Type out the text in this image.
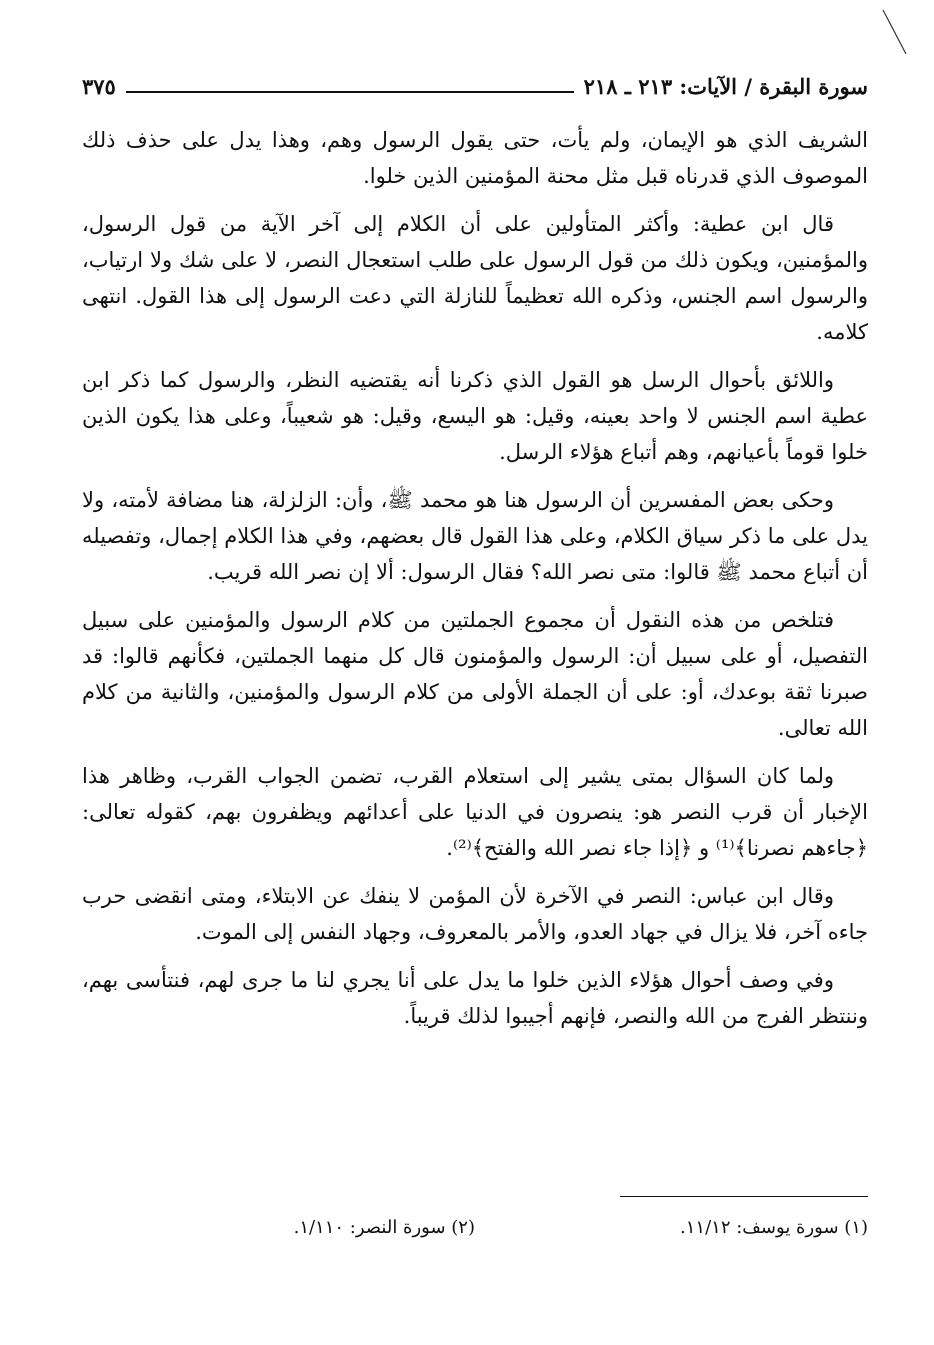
سورة البقرة / الآيات: ٢١٣ ـ ٢١٨
٣٧٥

الشريف الذي هو الإيمان، ولم يأت، حتى يقول الرسول وهم، وهذا يدل على حذف ذلك الموصوف الذي قدرناه قبل مثل محنة المؤمنين الذين خلوا.

قال ابن عطية: وأكثر المتأولين على أن الكلام إلى آخر الآية من قول الرسول، والمؤمنين، ويكون ذلك من قول الرسول على طلب استعجال النصر، لا على شك ولا ارتياب، والرسول اسم الجنس، وذكره الله تعظيماً للنازلة التي دعت الرسول إلى هذا القول. انتهى كلامه.

واللائق بأحوال الرسل هو القول الذي ذكرنا أنه يقتضيه النظر، والرسول كما ذكر ابن عطية اسم الجنس لا واحد بعينه، وقيل: هو اليسع، وقيل: هو شعيباً، وعلى هذا يكون الذين خلوا قوماً بأعيانهم، وهم أتباع هؤلاء الرسل.

وحكى بعض المفسرين أن الرسول هنا هو محمد ﷺ، وأن: الزلزلة، هنا مضافة لأمته، ولا يدل على ما ذكر سياق الكلام، وعلى هذا القول قال بعضهم، وفي هذا الكلام إجمال، وتفصيله أن أتباع محمد ﷺ قالوا: متى نصر الله؟ فقال الرسول: ألا إن نصر الله قريب.

فتلخص من هذه النقول أن مجموع الجملتين من كلام الرسول والمؤمنين على سبيل التفصيل، أو على سبيل أن: الرسول والمؤمنون قال كل منهما الجملتين، فكأنهم قالوا: قد صبرنا ثقة بوعدك، أو: على أن الجملة الأولى من كلام الرسول والمؤمنين، والثانية من كلام الله تعالى.

ولما كان السؤال بمتى يشير إلى استعلام القرب، تضمن الجواب القرب، وظاهر هذا الإخبار أن قرب النصر هو: ينصرون في الدنيا على أعدائهم ويظفرون بهم، كقوله تعالى: ﴿جاءهم نصرنا﴾⁽¹⁾ و ﴿إذا جاء نصر الله والفتح﴾⁽²⁾.

وقال ابن عباس: النصر في الآخرة لأن المؤمن لا ينفك عن الابتلاء، ومتى انقضى حرب جاءه آخر، فلا يزال في جهاد العدو، والأمر بالمعروف، وجهاد النفس إلى الموت.

وفي وصف أحوال هؤلاء الذين خلوا ما يدل على أنا يجري لنا ما جرى لهم، فنتأسى بهم، وننتظر الفرج من الله والنصر، فإنهم أجيبوا لذلك قريباً.

(١) سورة يوسف: ١١/١٢.
(٢) سورة النصر: ١/١١٠.
